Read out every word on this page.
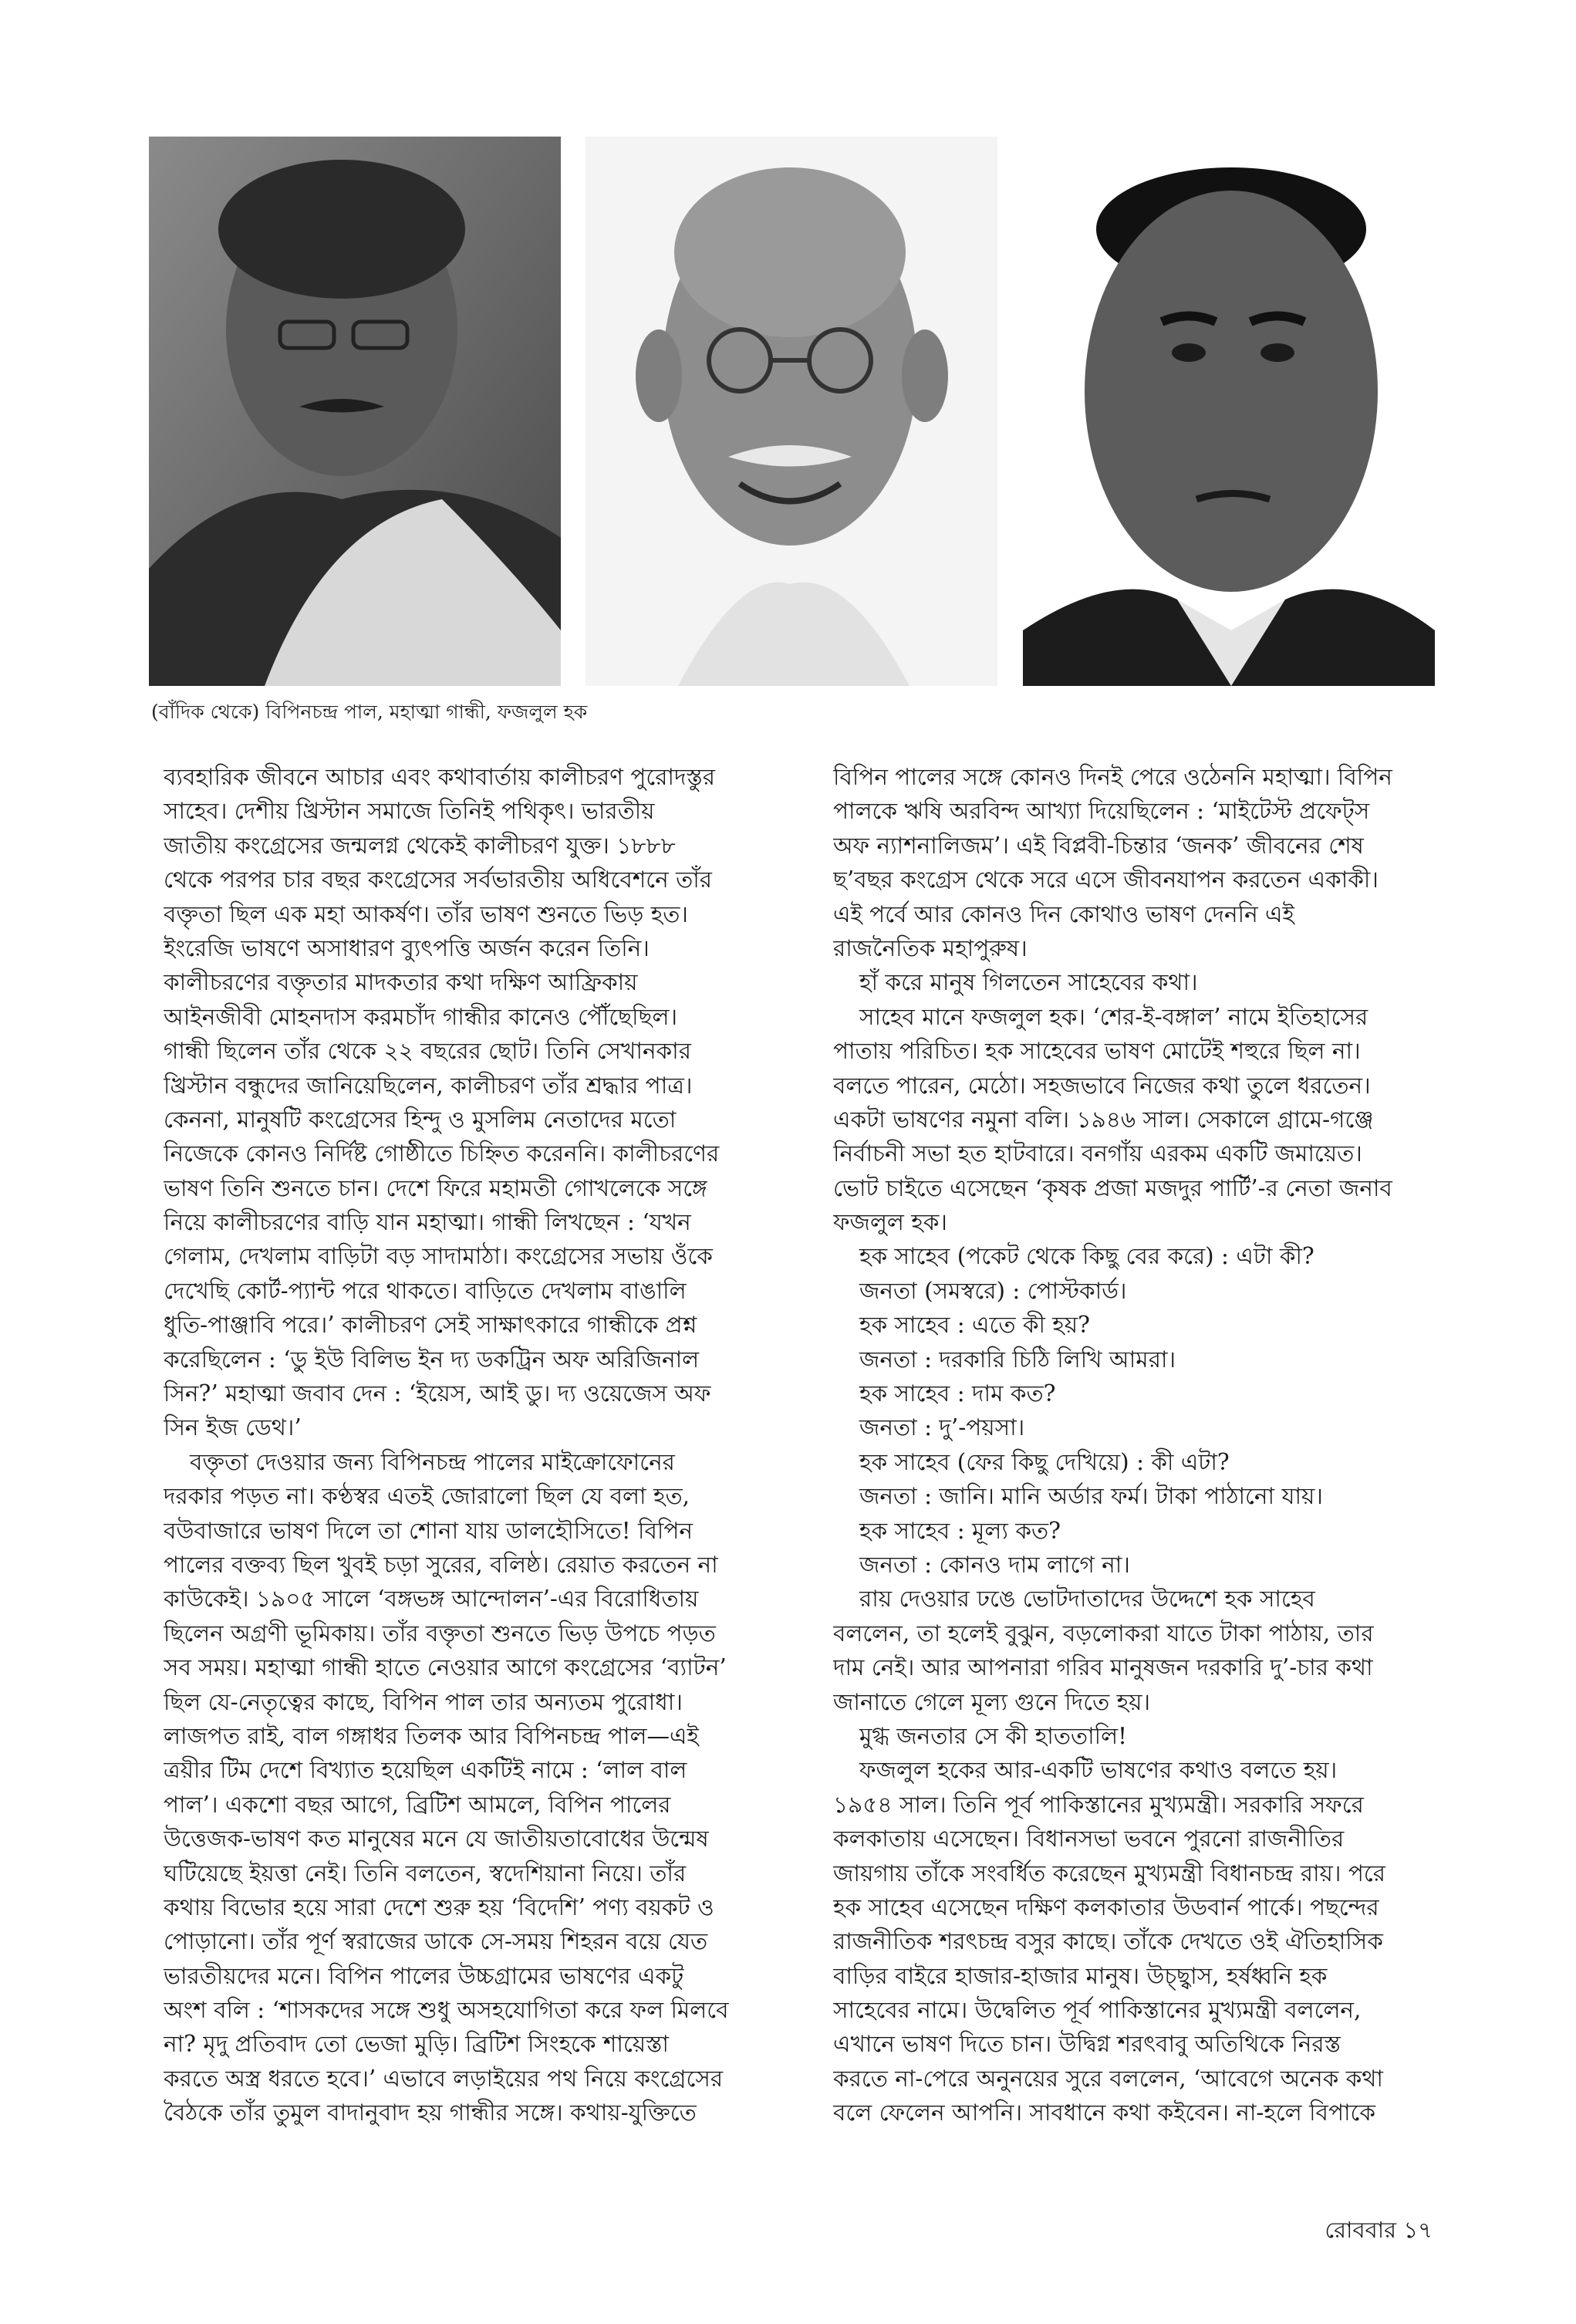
(বাঁদিক থেকে) বিপিনচন্দ্র পাল, মহাত্মা গান্ধী, ফজলুল হক
ব্যবহারিক জীবনে আচার এবং কথাবার্তায় কালীচরণ পুরোদস্তুর
সাহেব। দেশীয় খ্রিস্টান সমাজে তিনিই পথিকৃৎ। ভারতীয়
জাতীয় কংগ্রেসের জন্মলগ্ন থেকেই কালীচরণ যুক্ত। ১৮৮৮
থেকে পরপর চার বছর কংগ্রেসের সর্বভারতীয় অধিবেশনে তাঁর
বক্তৃতা ছিল এক মহা আকর্ষণ। তাঁর ভাষণ শুনতে ভিড় হত।
ইংরেজি ভাষণে অসাধারণ ব্যুৎপত্তি অর্জন করেন তিনি।
কালীচরণের বক্তৃতার মাদকতার কথা দক্ষিণ আফ্রিকায়
আইনজীবী মোহনদাস করমচাঁদ গান্ধীর কানেও পৌঁছেছিল।
গান্ধী ছিলেন তাঁর থেকে ২২ বছরের ছোট। তিনি সেখানকার
খ্রিস্টান বন্ধুদের জানিয়েছিলেন, কালীচরণ তাঁর শ্রদ্ধার পাত্র।
কেননা, মানুষটি কংগ্রেসের হিন্দু ও মুসলিম নেতাদের মতো
নিজেকে কোনও নির্দিষ্ট গোষ্ঠীতে চিহ্নিত করেননি। কালীচরণের
ভাষণ তিনি শুনতে চান। দেশে ফিরে মহামতী গোখলেকে সঙ্গে
নিয়ে কালীচরণের বাড়ি যান মহাত্মা। গান্ধী লিখছেন : ‘যখন
গেলাম, দেখলাম বাড়িটা বড় সাদামাঠা। কংগ্রেসের সভায় ওঁকে
দেখেছি কোর্ট-প্যান্ট পরে থাকতে। বাড়িতে দেখলাম বাঙালি
ধুতি-পাঞ্জাবি পরে।’ কালীচরণ সেই সাক্ষাৎকারে গান্ধীকে প্রশ্ন
করেছিলেন : ‘ডু ইউ বিলিভ ইন দ্য ডকট্রিন অফ অরিজিনাল
সিন?’ মহাত্মা জবাব দেন : ‘ইয়েস, আই ডু। দ্য ওয়েজেস অফ
সিন ইজ ডেথ।’
বক্তৃতা দেওয়ার জন্য বিপিনচন্দ্র পালের মাইক্রোফোনের
দরকার পড়ত না। কণ্ঠস্বর এতই জোরালো ছিল যে বলা হত,
বউবাজারে ভাষণ দিলে তা শোনা যায় ডালহৌসিতে! বিপিন
পালের বক্তব্য ছিল খুবই চড়া সুরের, বলিষ্ঠ। রেয়াত করতেন না
কাউকেই। ১৯০৫ সালে ‘বঙ্গভঙ্গ আন্দোলন’-এর বিরোধিতায়
ছিলেন অগ্রণী ভূমিকায়। তাঁর বক্তৃতা শুনতে ভিড় উপচে পড়ত
সব সময়। মহাত্মা গান্ধী হাতে নেওয়ার আগে কংগ্রেসের ‘ব্যাটন’
ছিল যে-নেতৃত্বের কাছে, বিপিন পাল তার অন্যতম পুরোধা।
লাজপত রাই, বাল গঙ্গাধর তিলক আর বিপিনচন্দ্র পাল—এই
ত্রয়ীর টিম দেশে বিখ্যাত হয়েছিল একটিই নামে : ‘লাল বাল
পাল’। একশো বছর আগে, ব্রিটিশ আমলে, বিপিন পালের
উত্তেজক-ভাষণ কত মানুষের মনে যে জাতীয়তাবোধের উন্মেষ
ঘটিয়েছে ইয়ত্তা নেই। তিনি বলতেন, স্বদেশিয়ানা নিয়ে। তাঁর
কথায় বিভোর হয়ে সারা দেশে শুরু হয় ‘বিদেশি’ পণ্য বয়কট ও
পোড়ানো। তাঁর পূর্ণ স্বরাজের ডাকে সে-সময় শিহরন বয়ে যেত
ভারতীয়দের মনে। বিপিন পালের উচ্চগ্রামের ভাষণের একটু
অংশ বলি : ‘শাসকদের সঙ্গে শুধু অসহযোগিতা করে ফল মিলবে
না? মৃদু প্রতিবাদ তো ভেজা মুড়ি। ব্রিটিশ সিংহকে শায়েস্তা
করতে অস্ত্র ধরতে হবে।’ এভাবে লড়াইয়ের পথ নিয়ে কংগ্রেসের
বৈঠকে তাঁর তুমুল বাদানুবাদ হয় গান্ধীর সঙ্গে। কথায়-যুক্তিতে
বিপিন পালের সঙ্গে কোনও দিনই পেরে ওঠেননি মহাত্মা। বিপিন
পালকে ঋষি অরবিন্দ আখ্যা দিয়েছিলেন : ‘মাইটেস্ট প্রফেট্স
অফ ন্যাশনালিজম’। এই বিপ্লবী-চিন্তার ‘জনক’ জীবনের শেষ
ছ’বছর কংগ্রেস থেকে সরে এসে জীবনযাপন করতেন একাকী।
এই পর্বে আর কোনও দিন কোথাও ভাষণ দেননি এই
রাজনৈতিক মহাপুরুষ।
হাঁ করে মানুষ গিলতেন সাহেবের কথা।
সাহেব মানে ফজলুল হক। ‘শের-ই-বঙ্গাল’ নামে ইতিহাসের
পাতায় পরিচিত। হক সাহেবের ভাষণ মোটেই শহুরে ছিল না।
বলতে পারেন, মেঠো। সহজভাবে নিজের কথা তুলে ধরতেন।
একটা ভাষণের নমুনা বলি। ১৯৪৬ সাল। সেকালে গ্রামে-গঞ্জে
নির্বাচনী সভা হত হাটবারে। বনগাঁয় এরকম একটি জমায়েত।
ভোট চাইতে এসেছেন ‘কৃষক প্রজা মজদুর পার্টি’-র নেতা জনাব
ফজলুল হক।
হক সাহেব (পকেট থেকে কিছু বের করে) : এটা কী?
জনতা (সমস্বরে) : পোস্টকার্ড।
হক সাহেব : এতে কী হয়?
জনতা : দরকারি চিঠি লিখি আমরা।
হক সাহেব : দাম কত?
জনতা : দু’-পয়সা।
হক সাহেব (ফের কিছু দেখিয়ে) : কী এটা?
জনতা : জানি। মানি অর্ডার ফর্ম। টাকা পাঠানো যায়।
হক সাহেব : মূল্য কত?
জনতা : কোনও দাম লাগে না।
রায় দেওয়ার ঢঙে ভোটদাতাদের উদ্দেশে হক সাহেব
বললেন, তা হলেই বুঝুন, বড়লোকরা যাতে টাকা পাঠায়, তার
দাম নেই। আর আপনারা গরিব মানুষজন দরকারি দু’-চার কথা
জানাতে গেলে মূল্য গুনে দিতে হয়।
মুগ্ধ জনতার সে কী হাততালি!
ফজলুল হকের আর-একটি ভাষণের কথাও বলতে হয়।
১৯৫৪ সাল। তিনি পূর্ব পাকিস্তানের মুখ্যমন্ত্রী। সরকারি সফরে
কলকাতায় এসেছেন। বিধানসভা ভবনে পুরনো রাজনীতির
জায়গায় তাঁকে সংবর্ধিত করেছেন মুখ্যমন্ত্রী বিধানচন্দ্র রায়। পরে
হক সাহেব এসেছেন দক্ষিণ কলকাতার উডবার্ন পার্কে। পছন্দের
রাজনীতিক শরৎচন্দ্র বসুর কাছে। তাঁকে দেখতে ওই ঐতিহাসিক
বাড়ির বাইরে হাজার-হাজার মানুষ। উচ্ছ্বাস, হর্ষধ্বনি হক
সাহেবের নামে। উদ্বেলিত পূর্ব পাকিস্তানের মুখ্যমন্ত্রী বললেন,
এখানে ভাষণ দিতে চান। উদ্বিগ্ন শরৎবাবু অতিথিকে নিরস্ত
করতে না-পেরে অনুনয়ের সুরে বললেন, ‘আবেগে অনেক কথা
বলে ফেলেন আপনি। সাবধানে কথা কইবেন। না-হলে বিপাকে
রোববার ১৭
